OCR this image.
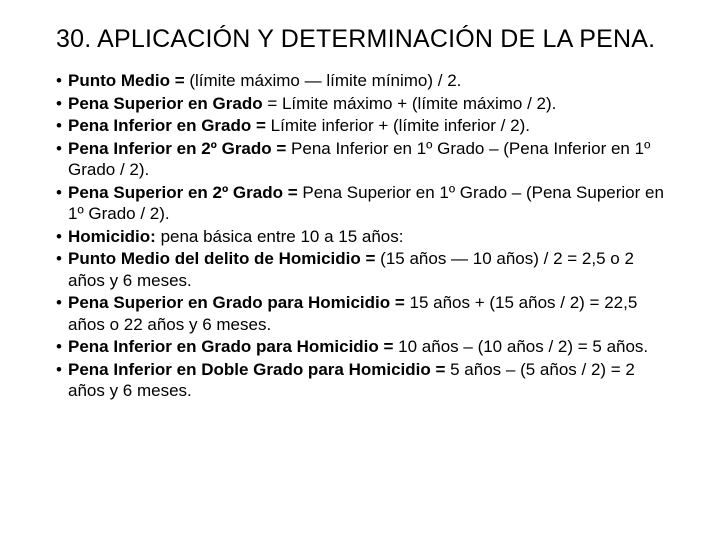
30. APLICACIÓN Y DETERMINACIÓN DE LA PENA.
• Punto Medio = (límite máximo — límite mínimo) / 2.
• Pena Superior en Grado = Límite máximo + (límite máximo / 2).
• Pena Inferior en Grado = Límite inferior + (límite inferior / 2).
• Pena Inferior en 2º Grado = Pena Inferior en 1º Grado – (Pena Inferior en 1º Grado / 2).
• Pena Superior en 2º Grado = Pena Superior en 1º Grado – (Pena Superior en 1º Grado / 2).
• Homicidio: pena básica entre 10 a 15 años:
• Punto Medio del delito de Homicidio = (15 años — 10 años) / 2 = 2,5 o 2 años y 6 meses.
• Pena Superior en Grado para Homicidio = 15 años + (15 años / 2) = 22,5 años o 22 años y 6 meses.
• Pena Inferior en Grado para Homicidio = 10 años – (10 años / 2) = 5 años.
• Pena Inferior en Doble Grado para Homicidio = 5 años – (5 años / 2) = 2 años y 6 meses.
